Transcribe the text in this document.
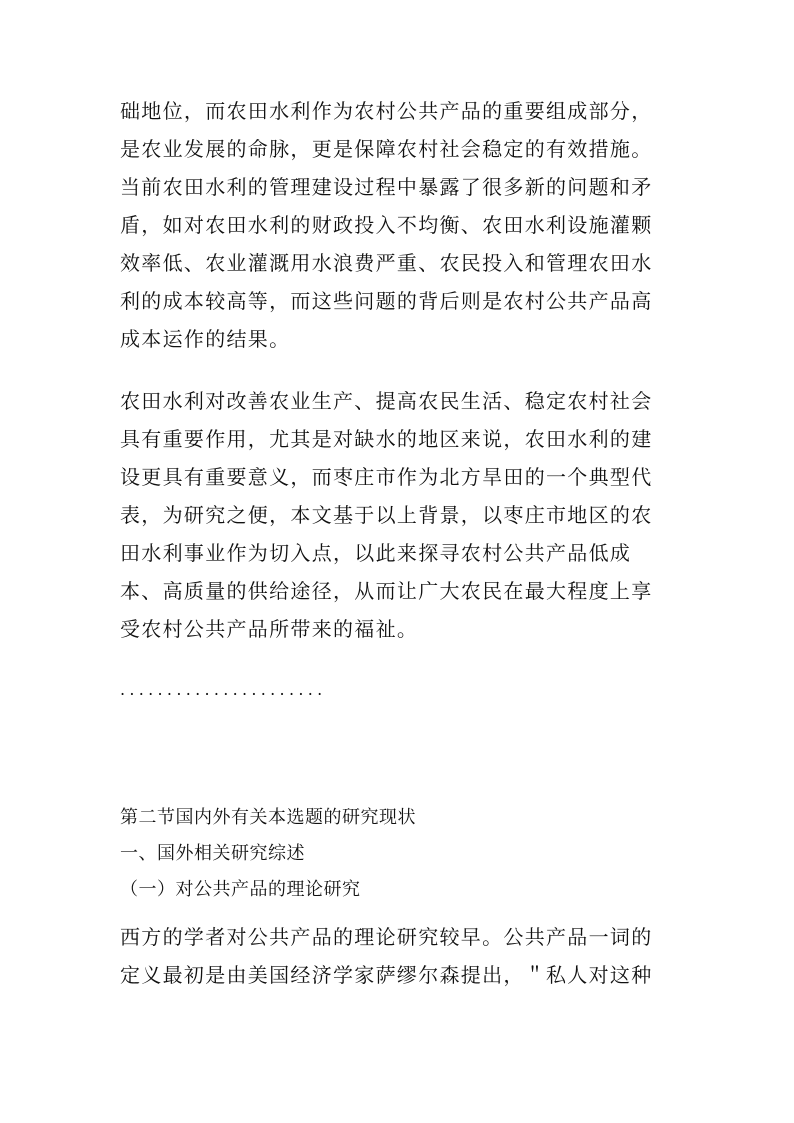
础地位，而农田水利作为农村公共产品的重要组成部分，
是农业发展的命脉，更是保障农村社会稳定的有效措施。
当前农田水利的管理建设过程中暴露了很多新的问题和矛
盾，如对农田水利的财政投入不均衡、农田水利设施灌颗
效率低、农业灌溉用水浪费严重、农民投入和管理农田水
利的成本较高等，而这些问题的背后则是农村公共产品高
成本运作的结果。
农田水利对改善农业生产、提高农民生活、稳定农村社会
具有重要作用，尤其是对缺水的地区来说，农田水利的建
设更具有重要意义，而枣庄市作为北方旱田的一个典型代
表，为研究之便，本文基于以上背景，以枣庄市地区的农
田水利事业作为切入点，以此来探寻农村公共产品低成
本、高质量的供给途径，从而让广大农民在最大程度上享
受农村公共产品所带来的福祉。
......................
第二节国内外有关本选题的研究现状
一、国外相关研究综述
（一）对公共产品的理论研究
西方的学者对公共产品的理论研究较早。公共产品一词的
定义最初是由美国经济学家萨缪尔森提出，＂私人对这种
